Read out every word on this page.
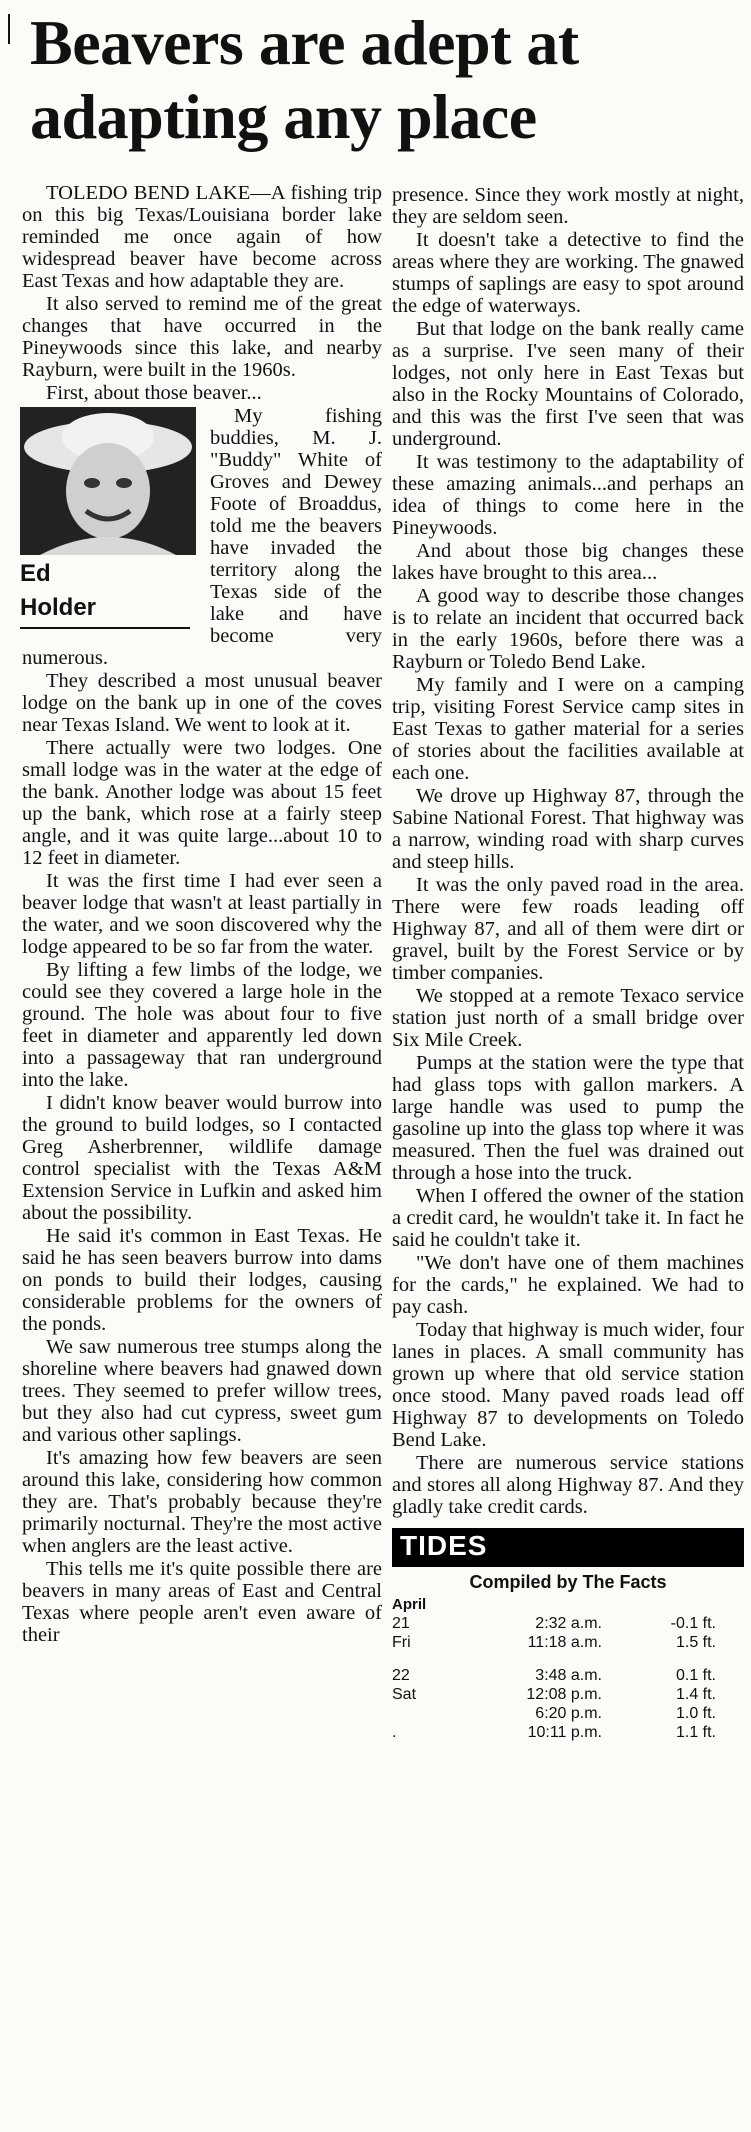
Beavers are adept at adapting any place

TOLEDO BEND LAKE—A fishing trip on this big Texas/Louisiana border lake reminded me once again of how widespread beaver have become across East Texas and how adaptable they are.

It also served to remind me of the great changes that have occurred in the Pineywoods since this lake, and nearby Rayburn, were built in the 1960s.

First, about those beaver...

Ed
Holder

My fishing buddies, M. J. "Buddy" White of Groves and Dewey Foote of Broaddus, told me the beavers have invaded the territory along the Texas side of the lake and have become very numerous.

They described a most unusual beaver lodge on the bank up in one of the coves near Texas Island. We went to look at it.

There actually were two lodges. One small lodge was in the water at the edge of the bank. Another lodge was about 15 feet up the bank, which rose at a fairly steep angle, and it was quite large...about 10 to 12 feet in diameter.

It was the first time I had ever seen a beaver lodge that wasn't at least partially in the water, and we soon discovered why the lodge appeared to be so far from the water.

By lifting a few limbs of the lodge, we could see they covered a large hole in the ground. The hole was about four to five feet in diameter and apparently led down into a passageway that ran underground into the lake.

I didn't know beaver would burrow into the ground to build lodges, so I contacted Greg Asherbrenner, wildlife damage control specialist with the Texas A&M Extension Service in Lufkin and asked him about the possibility.

He said it's common in East Texas. He said he has seen beavers burrow into dams on ponds to build their lodges, causing considerable problems for the owners of the ponds.

We saw numerous tree stumps along the shoreline where beavers had gnawed down trees. They seemed to prefer willow trees, but they also had cut cypress, sweet gum and various other saplings.

It's amazing how few beavers are seen around this lake, considering how common they are. That's probably because they're primarily nocturnal. They're the most active when anglers are the least active.

This tells me it's quite possible there are beavers in many areas of East and Central Texas where people aren't even aware of their

presence. Since they work mostly at night, they are seldom seen.

It doesn't take a detective to find the areas where they are working. The gnawed stumps of saplings are easy to spot around the edge of waterways.

But that lodge on the bank really came as a surprise. I've seen many of their lodges, not only here in East Texas but also in the Rocky Mountains of Colorado, and this was the first I've seen that was underground.

It was testimony to the adaptability of these amazing animals...and perhaps an idea of things to come here in the Pineywoods.

And about those big changes these lakes have brought to this area...

A good way to describe those changes is to relate an incident that occurred back in the early 1960s, before there was a Rayburn or Toledo Bend Lake.

My family and I were on a camping trip, visiting Forest Service camp sites in East Texas to gather material for a series of stories about the facilities available at each one.

We drove up Highway 87, through the Sabine National Forest. That highway was a narrow, winding road with sharp curves and steep hills.

It was the only paved road in the area. There were few roads leading off Highway 87, and all of them were dirt or gravel, built by the Forest Service or by timber companies.

We stopped at a remote Texaco service station just north of a small bridge over Six Mile Creek.

Pumps at the station were the type that had glass tops with gallon markers. A large handle was used to pump the gasoline up into the glass top where it was measured. Then the fuel was drained out through a hose into the truck.

When I offered the owner of the station a credit card, he wouldn't take it. In fact he said he couldn't take it.

"We don't have one of them machines for the cards," he explained. We had to pay cash.

Today that highway is much wider, four lanes in places. A small community has grown up where that old service station once stood. Many paved roads lead off Highway 87 to developments on Toledo Bend Lake.

There are numerous service stations and stores all along Highway 87. And they gladly take credit cards.

TIDES
Compiled by The Facts
April		
21	2:32 a.m.	-0.1 ft.
Fri	11:18 a.m.	1.5 ft.

22	3:48 a.m.	0.1 ft.
Sat	12:08 p.m.	1.4 ft.
	6:20 p.m.	1.0 ft.
.	10:11 p.m.	1.1 ft.
